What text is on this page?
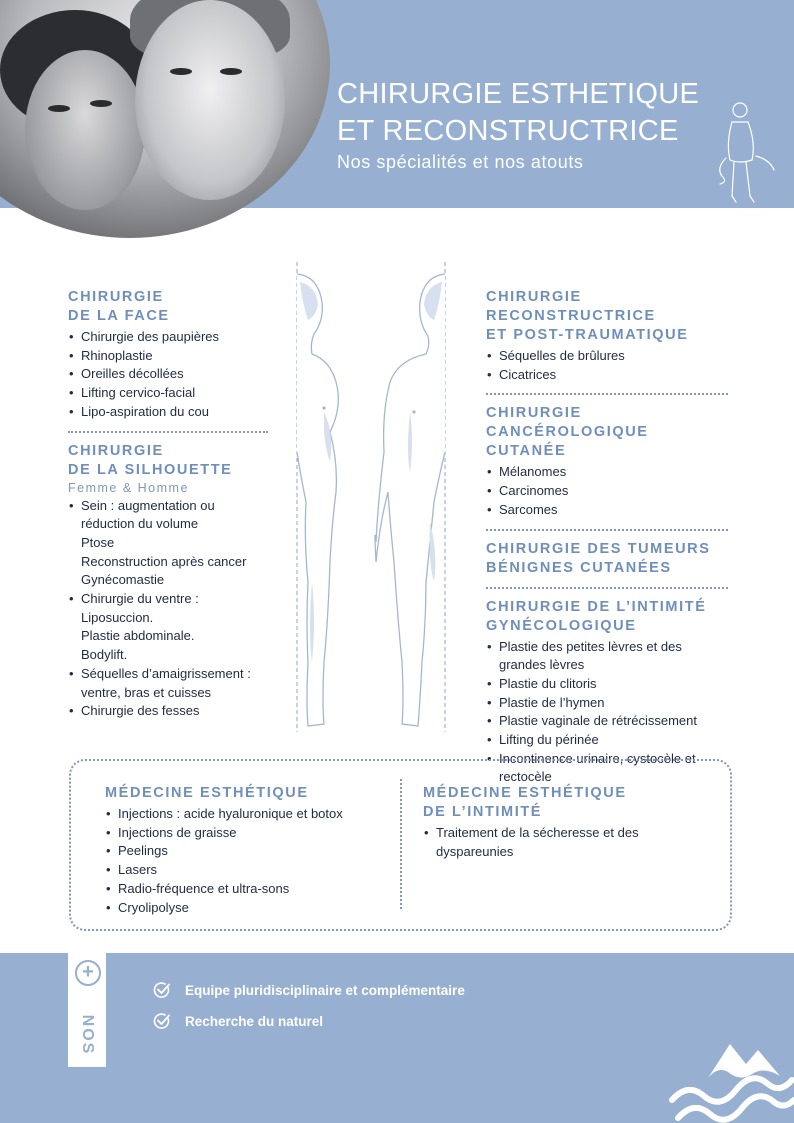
CHIRURGIE ESTHETIQUE
ET RECONSTRUCTRICE
Nos spécialités et nos atouts
CHIRURGIE
DE LA FACE
• Chirurgie des paupières
• Rhinoplastie
• Oreilles décollées
• Lifting cervico-facial
• Lipo-aspiration du cou
CHIRURGIE
DE LA SILHOUETTE
Femme & Homme
• Sein : augmentation ou réduction du volume
Ptose
Reconstruction après cancer
Gynécomastie
• Chirurgie du ventre :
Liposuccion.
Plastie abdominale.
Bodylift.
• Séquelles d’amaigrissement : ventre, bras et cuisses
• Chirurgie des fesses
CHIRURGIE RECONSTRUCTRICE
ET POST-TRAUMATIQUE
• Séquelles de brûlures
• Cicatrices
CHIRURGIE CANCÉROLOGIQUE
CUTANÉE
• Mélanomes
• Carcinomes
• Sarcomes
CHIRURGIE DES TUMEURS
BÉNIGNES CUTANÉES
CHIRURGIE DE L’INTIMITÉ
GYNÉCOLOGIQUE
• Plastie des petites lèvres et des grandes lèvres
• Plastie du clitoris
• Plastie de l’hymen
• Plastie vaginale de rétrécissement
• Lifting du périnée
• Incontinence urinaire, cystocèle et rectocèle
MÉDECINE ESTHÉTIQUE
• Injections : acide hyaluronique et botox
• Injections de graisse
• Peelings
• Lasers
• Radio-fréquence et ultra-sons
• Cryolipolyse
MÉDECINE ESTHÉTIQUE
DE L’INTIMITÉ
• Traitement de la sécheresse et des dyspareunies
+
NOS
Equipe pluridisciplinaire et complémentaire
Recherche du naturel
